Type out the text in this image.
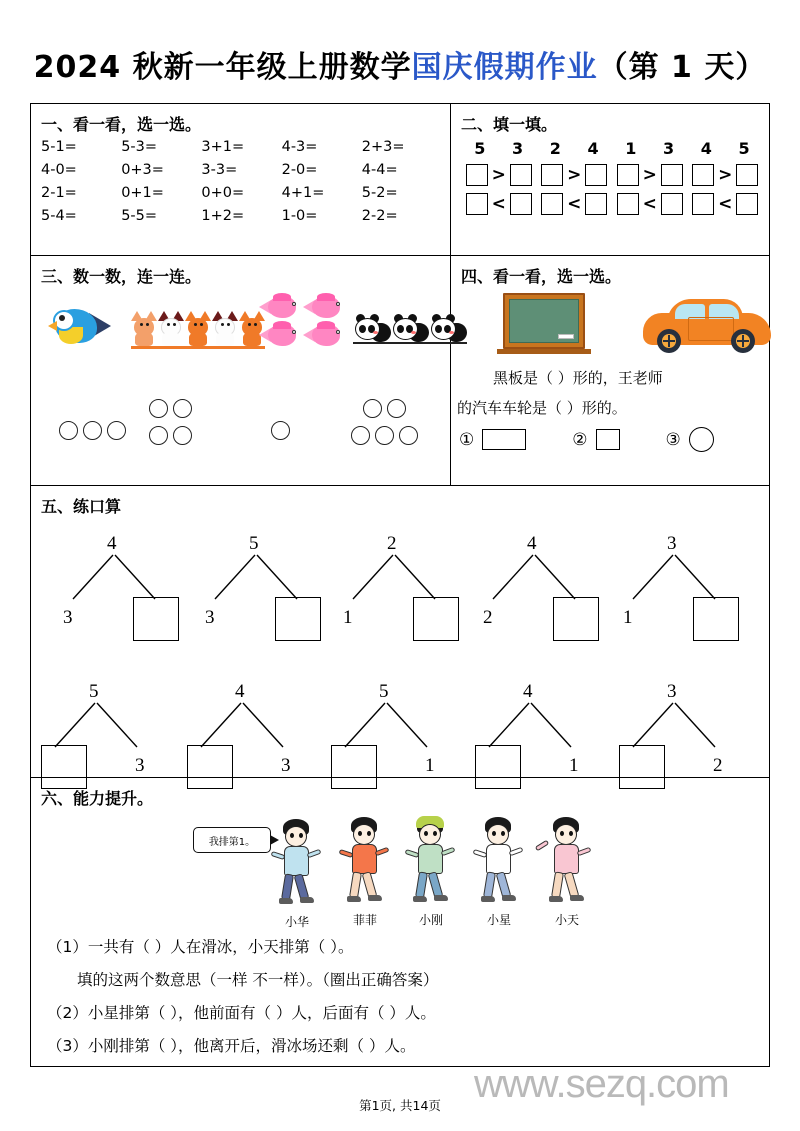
2024 秋新一年级上册数学国庆假期作业（第 1 天）
一、看一看，选一选。
5-1=	5-3=	3+1=	4-3=	2+3=
4-0=	0+3=	3-3=	2-0=	4-4=
2-1=	0+1=	0+0=	4+1=	5-2=
5-4=	5-5=	1+2=	1-0=	2-2=
二、填一填。
5	3	2	4	1	3	4	5
>	>	>	>
<	<	<	<
三、数一数，连一连。	四、看一看，选一选。
黑板是（ ）形的，王老师
的汽车车轮是（ ）形的。
①	②	③
五、练口算
4
3
5
3
2
1
4
2
3
1
5
3
4
3
5
1
4
1
3
2
六、能力提升。
我排第1。
小华	菲菲	小刚	小星	小天
（1）一共有（ ）人在滑冰，小天排第（ ）。
填的这两个数意思（一样 不一样）。（圈出正确答案）
（2）小星排第（ ），他前面有（ ）人，后面有（ ）人。
（3）小刚排第（ ），他离开后，滑冰场还剩（ ）人。
www.sezq.com
第1页, 共14页
